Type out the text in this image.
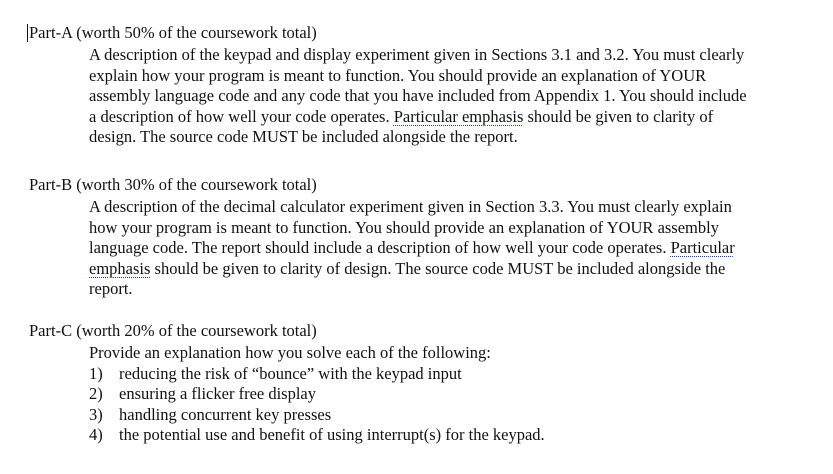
Part-A (worth 50% of the coursework total)
A description of the keypad and display experiment given in Sections 3.1 and 3.2. You must clearly
explain how your program is meant to function. You should provide an explanation of YOUR
assembly language code and any code that you have included from Appendix 1. You should include
a description of how well your code operates. Particular emphasis should be given to clarity of
design. The source code MUST be included alongside the report.
Part-B (worth 30% of the coursework total)
A description of the decimal calculator experiment given in Section 3.3. You must clearly explain
how your program is meant to function. You should provide an explanation of YOUR assembly
language code. The report should include a description of how well your code operates. Particular
emphasis should be given to clarity of design. The source code MUST be included alongside the
report.
Part-C (worth 20% of the coursework total)
Provide an explanation how you solve each of the following:
1) reducing the risk of “bounce” with the keypad input
2) ensuring a flicker free display
3) handling concurrent key presses
4) the potential use and benefit of using interrupt(s) for the keypad.
